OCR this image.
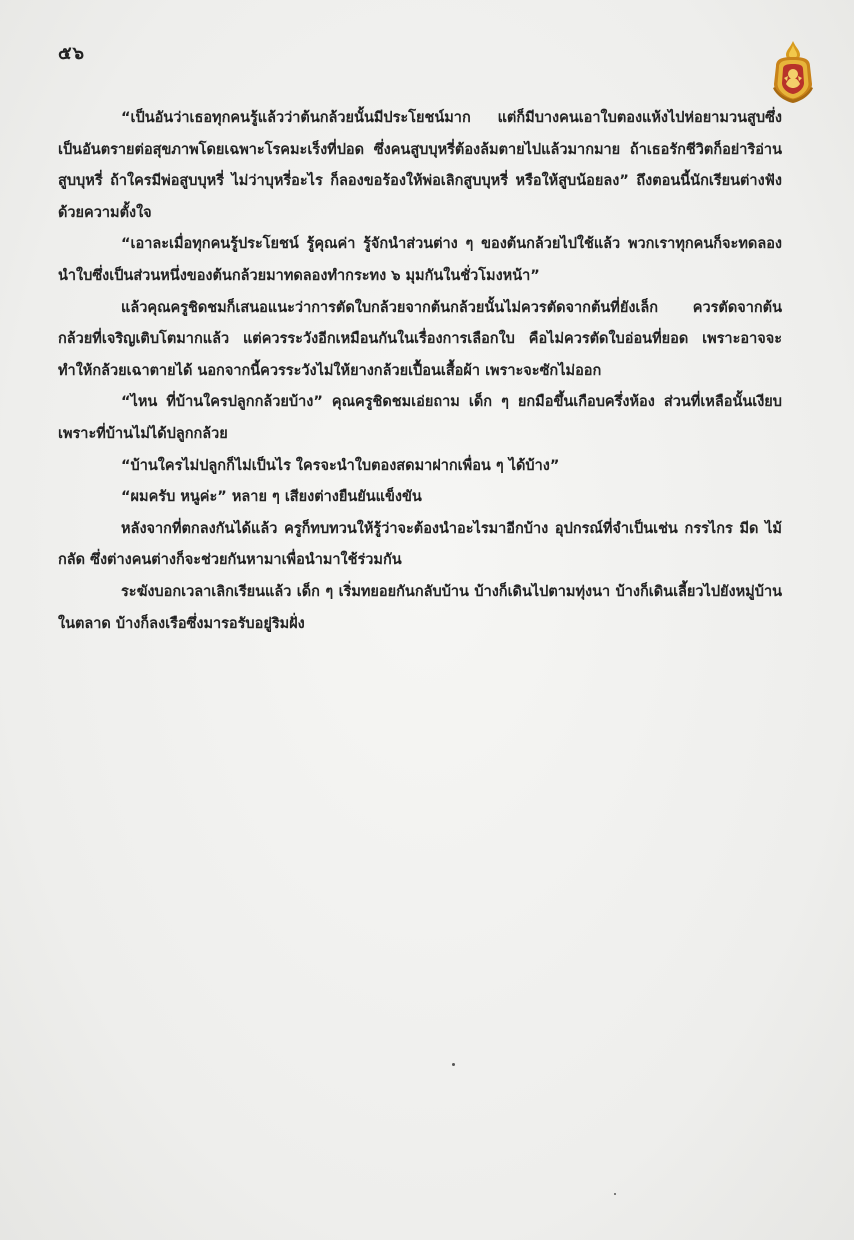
๕๖

“เป็นอันว่าเธอทุกคนรู้แล้วว่าต้นกล้วยนั้นมีประโยชน์มาก แต่ก็มีบางคนเอาใบตองแห้งไปห่อยามวนสูบซึ่งเป็นอันตรายต่อสุขภาพโดยเฉพาะโรคมะเร็งที่ปอด ซึ่งคนสูบบุหรี่ต้องล้มตายไปแล้วมากมาย ถ้าเธอรักชีวิตก็อย่าริอ่านสูบบุหรี่ ถ้าใครมีพ่อสูบบุหรี่ ไม่ว่าบุหรี่อะไร ก็ลองขอร้องให้พ่อเลิกสูบบุหรี่ หรือให้สูบน้อยลง” ถึงตอนนี้นักเรียนต่างฟังด้วยความตั้งใจ

“เอาละเมื่อทุกคนรู้ประโยชน์ รู้คุณค่า รู้จักนำส่วนต่าง ๆ ของต้นกล้วยไปใช้แล้ว พวกเราทุกคนก็จะทดลองนำใบซึ่งเป็นส่วนหนึ่งของต้นกล้วยมาทดลองทำกระทง ๖ มุมกันในชั่วโมงหน้า”

แล้วคุณครูชิดชมก็เสนอแนะว่าการตัดใบกล้วยจากต้นกล้วยนั้นไม่ควรตัดจากต้นที่ยังเล็ก ควรตัดจากต้นกล้วยที่เจริญเติบโตมากแล้ว แต่ควรระวังอีกเหมือนกันในเรื่องการเลือกใบ คือไม่ควรตัดใบอ่อนที่ยอด เพราะอาจจะทำให้กล้วยเฉาตายได้ นอกจากนี้ควรระวังไม่ให้ยางกล้วยเปื้อนเสื้อผ้า เพราะจะซักไม่ออก

“ไหน ที่บ้านใครปลูกกล้วยบ้าง” คุณครูชิดชมเอ่ยถาม เด็ก ๆ ยกมือขึ้นเกือบครึ่งห้อง ส่วนที่เหลือนั้นเงียบเพราะที่บ้านไม่ได้ปลูกกล้วย

“บ้านใครไม่ปลูกก็ไม่เป็นไร ใครจะนำใบตองสดมาฝากเพื่อน ๆ ได้บ้าง”

“ผมครับ หนูค่ะ” หลาย ๆ เสียงต่างยืนยันแข็งขัน

หลังจากที่ตกลงกันได้แล้ว ครูก็ทบทวนให้รู้ว่าจะต้องนำอะไรมาอีกบ้าง อุปกรณ์ที่จำเป็นเช่น กรรไกร มีด ไม้กลัด ซึ่งต่างคนต่างก็จะช่วยกันหามาเพื่อนำมาใช้ร่วมกัน

ระฆังบอกเวลาเลิกเรียนแล้ว เด็ก ๆ เริ่มทยอยกันกลับบ้าน บ้างก็เดินไปตามทุ่งนา บ้างก็เดินเลี้ยวไปยังหมู่บ้านในตลาด บ้างก็ลงเรือซึ่งมารอรับอยู่ริมฝั่ง
